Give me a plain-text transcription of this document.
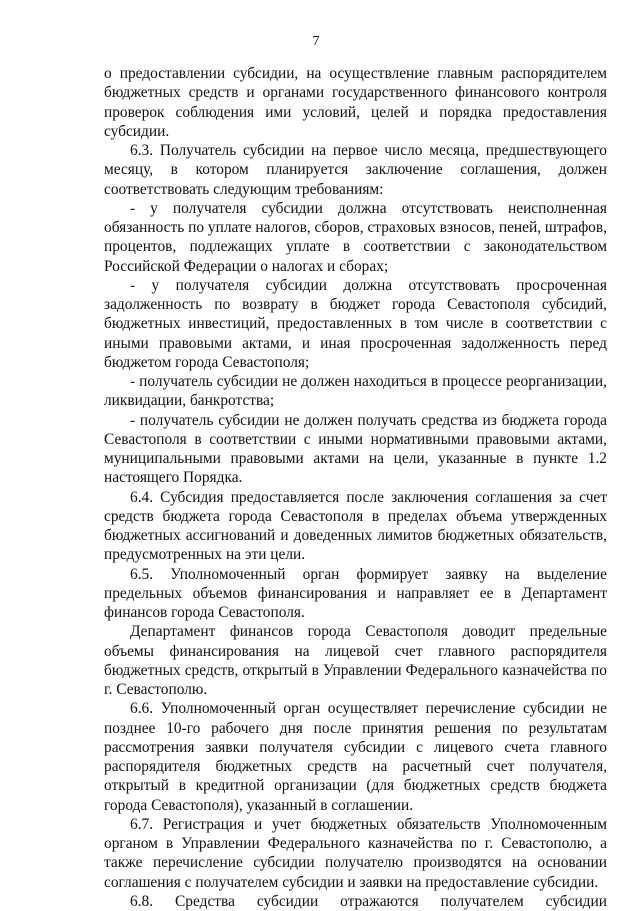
7

о предоставлении субсидии, на осуществление главным распорядителем бюджетных средств и органами государственного финансового контроля проверок соблюдения ими условий, целей и порядка предоставления субсидии.

6.3. Получатель субсидии на первое число месяца, предшествующего месяцу, в котором планируется заключение соглашения, должен соответствовать следующим требованиям:

- у получателя субсидии должна отсутствовать неисполненная обязанность по уплате налогов, сборов, страховых взносов, пеней, штрафов, процентов, подлежащих уплате в соответствии с законодательством Российской Федерации о налогах и сборах;

- у получателя субсидии должна отсутствовать просроченная задолженность по возврату в бюджет города Севастополя субсидий, бюджетных инвестиций, предоставленных в том числе в соответствии с иными правовыми актами, и иная просроченная задолженность перед бюджетом города Севастополя;

- получатель субсидии не должен находиться в процессе реорганизации, ликвидации, банкротства;

- получатель субсидии не должен получать средства из бюджета города Севастополя в соответствии с иными нормативными правовыми актами, муниципальными правовыми актами на цели, указанные в пункте 1.2 настоящего Порядка.

6.4. Субсидия предоставляется после заключения соглашения за счет средств бюджета города Севастополя в пределах объема утвержденных бюджетных ассигнований и доведенных лимитов бюджетных обязательств, предусмотренных на эти цели.

6.5. Уполномоченный орган формирует заявку на выделение предельных объемов финансирования и направляет ее в Департамент финансов города Севастополя.

Департамент финансов города Севастополя доводит предельные объемы финансирования на лицевой счет главного распорядителя бюджетных средств, открытый в Управлении Федерального казначейства по г. Севастополю.

6.6. Уполномоченный орган осуществляет перечисление субсидии не позднее 10-го рабочего дня после принятия решения по результатам рассмотрения заявки получателя субсидии с лицевого счета главного распорядителя бюджетных средств на расчетный счет получателя, открытый в кредитной организации (для бюджетных средств бюджета города Севастополя), указанный в соглашении.

6.7. Регистрация и учет бюджетных обязательств Уполномоченным органом в Управлении Федерального казначейства по г. Севастополю, а также перечисление субсидии получателю производятся на основании соглашения с получателем субсидии и заявки на предоставление субсидии.

6.8. Средства субсидии отражаются получателем субсидии
